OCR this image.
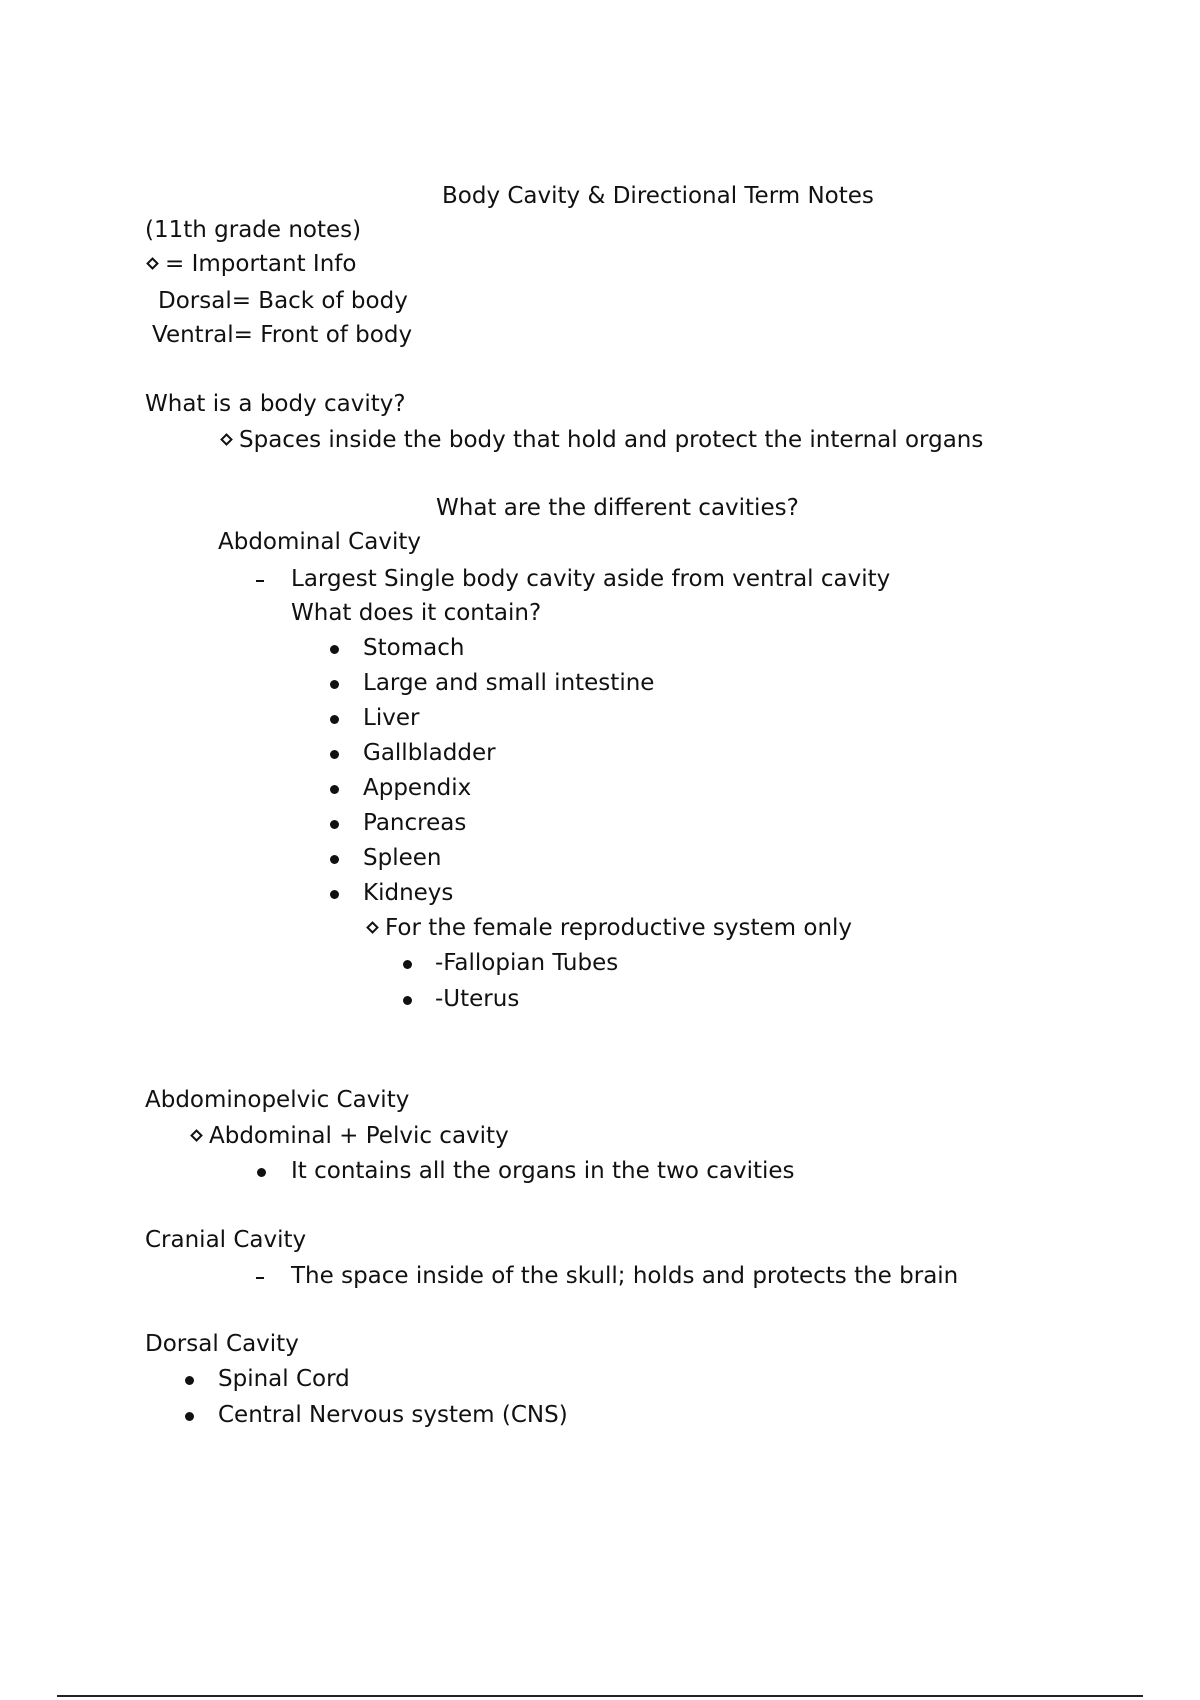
Body Cavity & Directional Term Notes
(11th grade notes)
= Important Info
Dorsal= Back of body
Ventral= Front of body
What is a body cavity?
Spaces inside the body that hold and protect the internal organs
What are the different cavities?
Abdominal Cavity
Largest Single body cavity aside from ventral cavity
What does it contain?
Stomach
Large and small intestine
Liver
Gallbladder
Appendix
Pancreas
Spleen
Kidneys
For the female reproductive system only
-Fallopian Tubes
-Uterus
Abdominopelvic Cavity
Abdominal + Pelvic cavity
It contains all the organs in the two cavities
Cranial Cavity
The space inside of the skull; holds and protects the brain
Dorsal Cavity
Spinal Cord
Central Nervous system (CNS)
